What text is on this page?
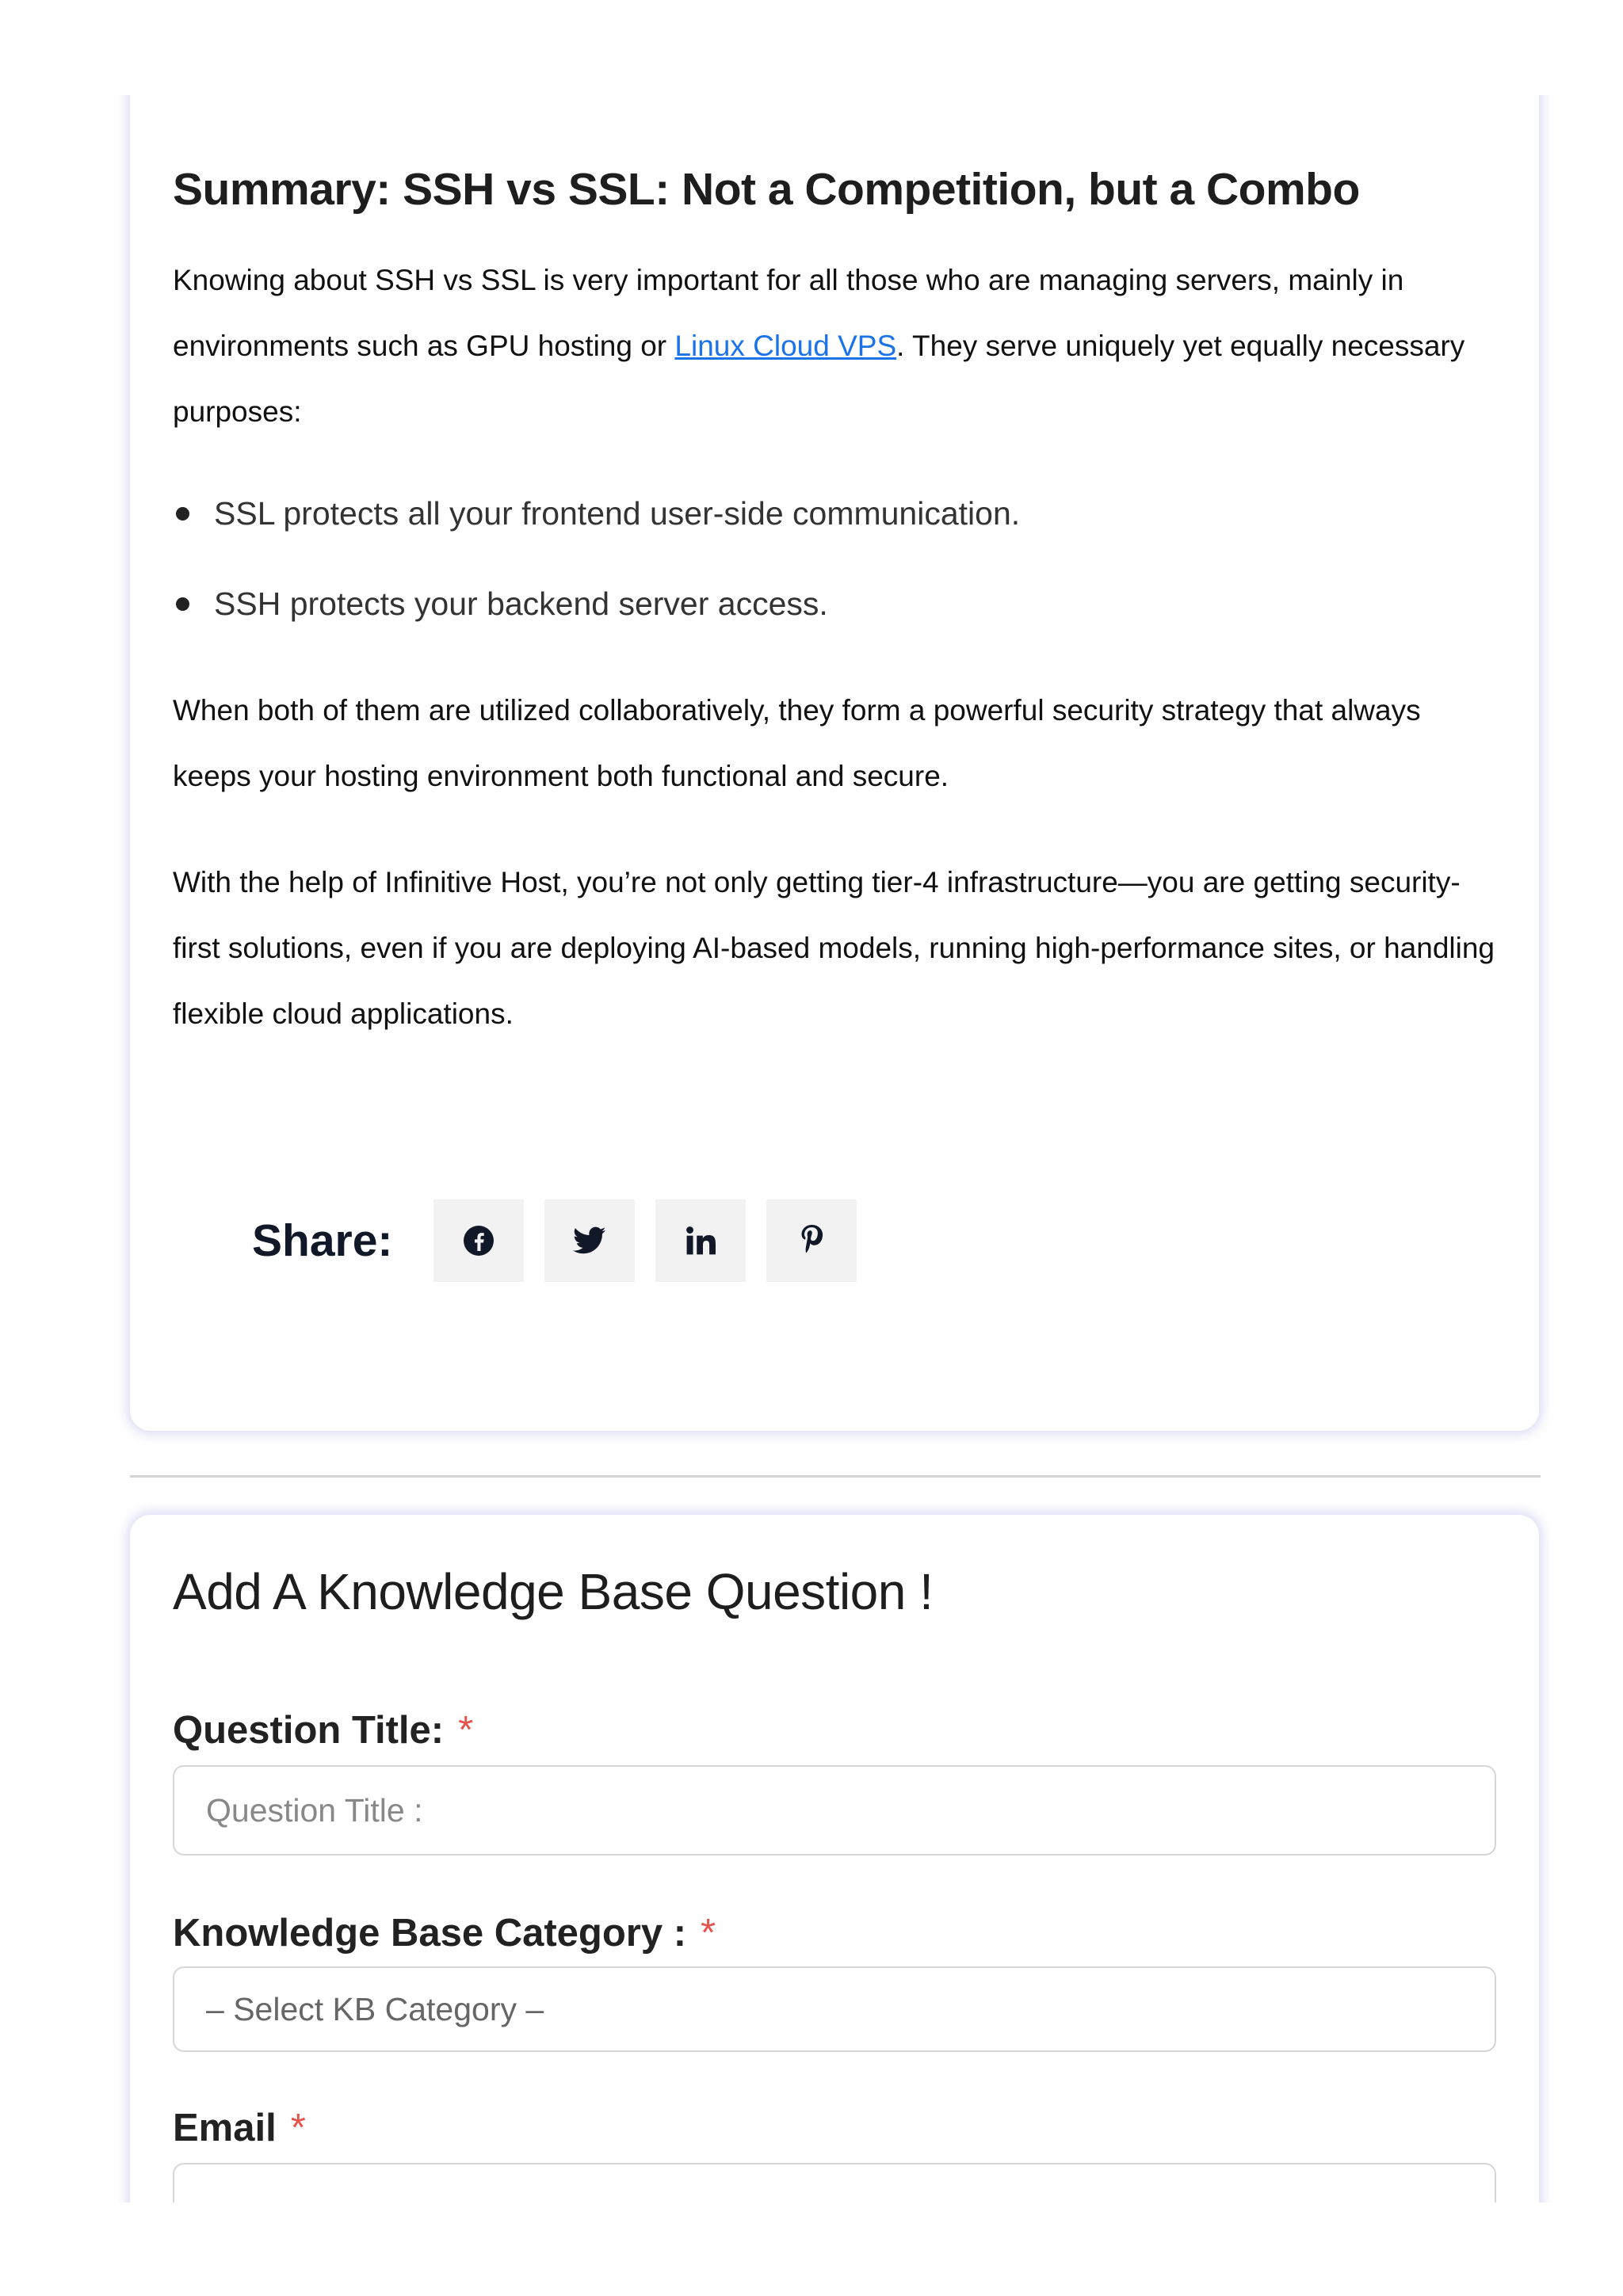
Summary: SSH vs SSL: Not a Competition, but a Combo

Knowing about SSH vs SSL is very important for all those who are managing servers, mainly in environments such as GPU hosting or Linux Cloud VPS. They serve uniquely yet equally necessary purposes:

SSL protects all your frontend user-side communication.
SSH protects your backend server access.

When both of them are utilized collaboratively, they form a powerful security strategy that always keeps your hosting environment both functional and secure.

With the help of Infinitive Host, you’re not only getting tier-4 infrastructure—you are getting security-first solutions, even if you are deploying AI-based models, running high-performance sites, or handling flexible cloud applications.

Share:
Add A Knowledge Base Question !
Question Title: *
Question Title :
Knowledge Base Category : *
– Select KB Category –
Email *
